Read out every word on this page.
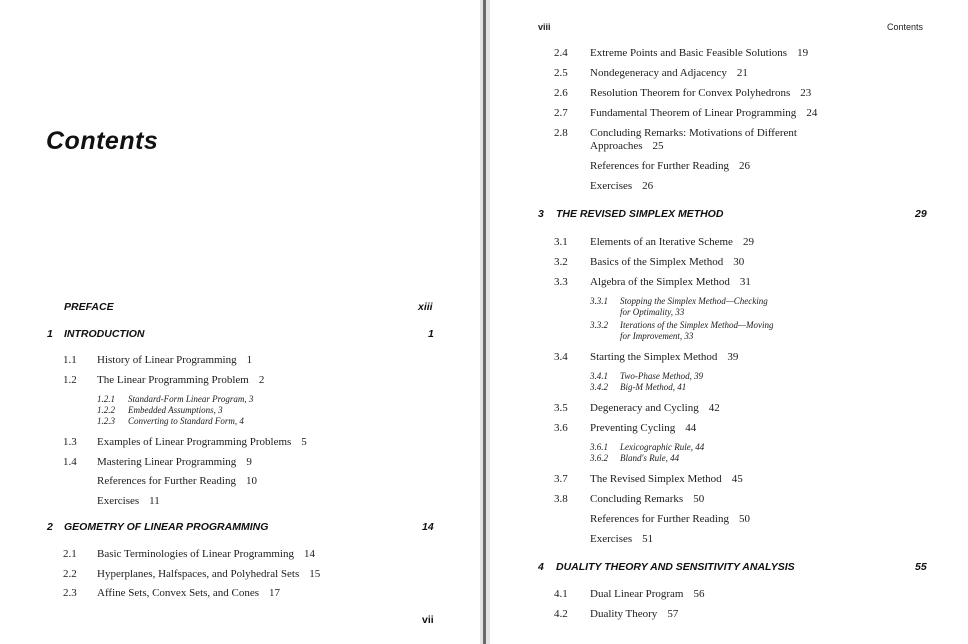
Contents
PREFACE	xiii
1 INTRODUCTION	1
1.1 History of Linear Programming 1
1.2 The Linear Programming Problem 2
1.2.1 Standard-Form Linear Program, 3
1.2.2 Embedded Assumptions, 3
1.2.3 Converting to Standard Form, 4
1.3 Examples of Linear Programming Problems 5
1.4 Mastering Linear Programming 9
References for Further Reading 10
Exercises 11
2 GEOMETRY OF LINEAR PROGRAMMING	14
2.1 Basic Terminologies of Linear Programming 14
2.2 Hyperplanes, Halfspaces, and Polyhedral Sets 15
2.3 Affine Sets, Convex Sets, and Cones 17
vii
viii	Contents
2.4 Extreme Points and Basic Feasible Solutions 19
2.5 Nondegeneracy and Adjacency 21
2.6 Resolution Theorem for Convex Polyhedrons 23
2.7 Fundamental Theorem of Linear Programming 24
2.8 Concluding Remarks: Motivations of Different
Approaches 25
References for Further Reading 26
Exercises 26
3 THE REVISED SIMPLEX METHOD	29
3.1 Elements of an Iterative Scheme 29
3.2 Basics of the Simplex Method 30
3.3 Algebra of the Simplex Method 31
3.3.1 Stopping the Simplex Method—Checking
for Optimality, 33
3.3.2 Iterations of the Simplex Method—Moving
for Improvement, 33
3.4 Starting the Simplex Method 39
3.4.1 Two-Phase Method, 39
3.4.2 Big-M Method, 41
3.5 Degeneracy and Cycling 42
3.6 Preventing Cycling 44
3.6.1 Lexicographic Rule, 44
3.6.2 Bland's Rule, 44
3.7 The Revised Simplex Method 45
3.8 Concluding Remarks 50
References for Further Reading 50
Exercises 51
4 DUALITY THEORY AND SENSITIVITY ANALYSIS	55
4.1 Dual Linear Program 56
4.2 Duality Theory 57
